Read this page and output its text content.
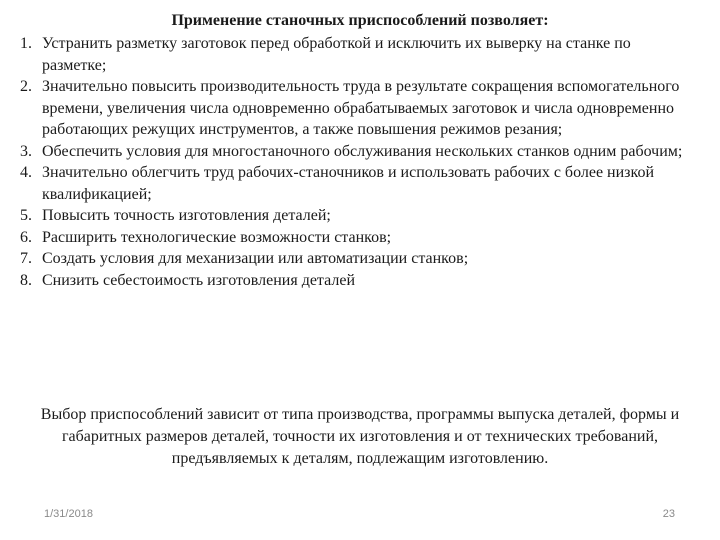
Применение станочных приспособлений позволяет:
1. Устранить разметку заготовок перед обработкой и исключить их выверку на станке по разметке;
2. Значительно повысить производительность труда в результате сокращения вспомогательного времени, увеличения числа одновременно обрабатываемых заготовок и числа одновременно работающих режущих инструментов, а также повышения режимов резания;
3. Обеспечить условия для многостаночного обслуживания нескольких станков одним рабочим;
4. Значительно облегчить труд рабочих-станочников и использовать рабочих с более низкой квалификацией;
5. Повысить точность изготовления деталей;
6. Расширить технологические возможности станков;
7. Создать условия для механизации или автоматизации станков;
8. Снизить себестоимость изготовления деталей

Выбор приспособлений зависит от типа производства, программы выпуска деталей, формы и габаритных размеров деталей, точности их изготовления и от технических требований, предъявляемых к деталям, подлежащим изготовлению.

1/31/2018	23
